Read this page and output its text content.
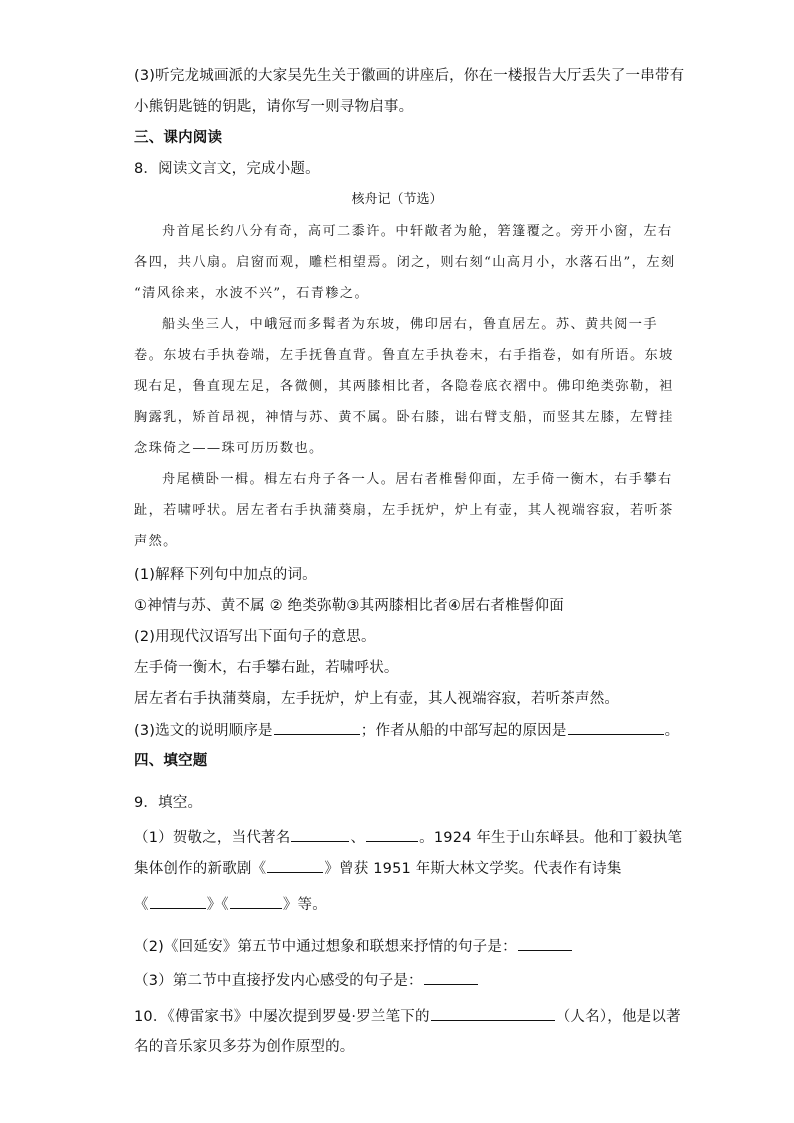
(3)听完龙城画派的大家吴先生关于徽画的讲座后，你在一楼报告大厅丢失了一串带有
小熊钥匙链的钥匙，请你写一则寻物启事。
三、课内阅读
8．阅读文言文，完成小题。
核舟记（节选）
舟首尾长约八分有奇，高可二黍许。中轩敞者为舱，箬篷覆之。旁开小窗，左右
各四，共八扇。启窗而观，雕栏相望焉。闭之，则右刻“山高月小，水落石出”，左刻
“清风徐来，水波不兴”，石青糁之。
船头坐三人，中峨冠而多髯者为东坡，佛印居右，鲁直居左。苏、黄共阅一手
卷。东坡右手执卷端，左手抚鲁直背。鲁直左手执卷末，右手指卷，如有所语。东坡
现右足，鲁直现左足，各微侧，其两膝相比者，各隐卷底衣褶中。佛印绝类弥勒，袒
胸露乳，矫首昂视，神情与苏、黄不属。卧右膝，诎右臂支船，而竖其左膝，左臂挂
念珠倚之——珠可历历数也。
舟尾横卧一楫。楫左右舟子各一人。居右者椎髻仰面，左手倚一衡木，右手攀右
趾，若啸呼状。居左者右手执蒲葵扇，左手抚炉，炉上有壶，其人视端容寂，若听茶
声然。
(1)解释下列句中加点的词。
①神情与苏、黄不属 ② 绝类弥勒③其两膝相比者④居右者椎髻仰面
(2)用现代汉语写出下面句子的意思。
左手倚一衡木，右手攀右趾，若啸呼状。
居左者右手执蒲葵扇，左手抚炉，炉上有壶，其人视端容寂，若听茶声然。
(3)选文的说明顺序是	；作者从船的中部写起的原因是	。
四、填空题
9．填空。
（1）贺敬之，当代著名	、	。1924 年生于山东峄县。他和丁毅执笔
集体创作的新歌剧《	》曾获 1951 年斯大林文学奖。代表作有诗集
《	》《	》等。
（2)《回延安》第五节中通过想象和联想来抒情的句子是：
（3）第二节中直接抒发内心感受的句子是：
10．《傅雷家书》中屡次提到罗曼·罗兰笔下的	（人名），他是以著
名的音乐家贝多芬为创作原型的。
